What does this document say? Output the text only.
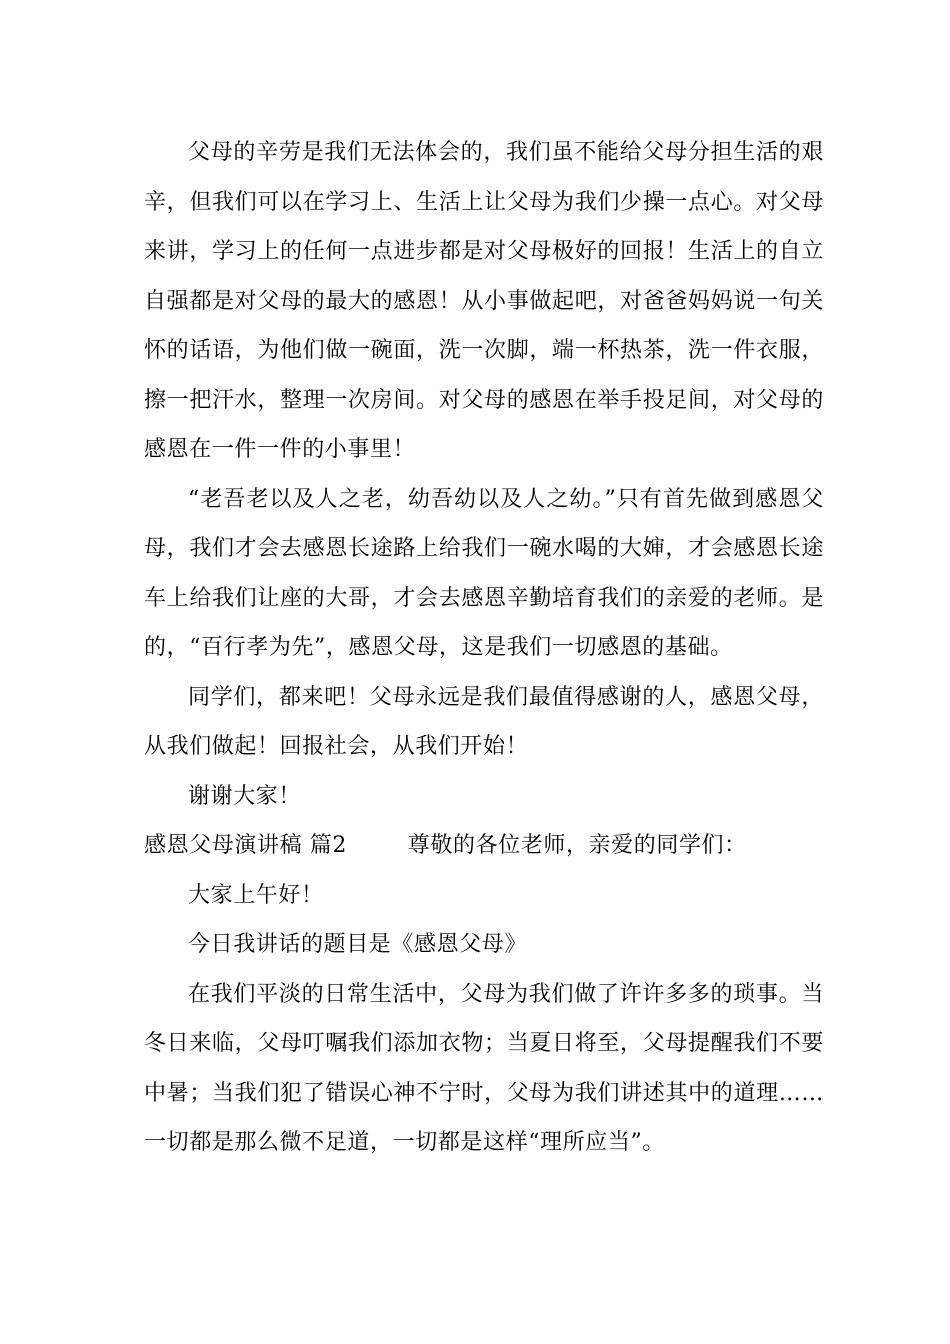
父母的辛劳是我们无法体会的，我们虽不能给父母分担生活的艰辛，但我们可以在学习上、生活上让父母为我们少操一点心。对父母来讲，学习上的任何一点进步都是对父母极好的回报！生活上的自立自强都是对父母的最大的感恩！从小事做起吧，对爸爸妈妈说一句关怀的话语，为他们做一碗面，洗一次脚，端一杯热茶，洗一件衣服，擦一把汗水，整理一次房间。对父母的感恩在举手投足间，对父母的感恩在一件一件的小事里！

“老吾老以及人之老，幼吾幼以及人之幼。”只有首先做到感恩父母，我们才会去感恩长途路上给我们一碗水喝的大婶，才会感恩长途车上给我们让座的大哥，才会去感恩辛勤培育我们的亲爱的老师。是的，“百行孝为先”，感恩父母，这是我们一切感恩的基础。

同学们，都来吧！父母永远是我们最值得感谢的人，感恩父母，从我们做起！回报社会，从我们开始！

谢谢大家！

感恩父母演讲稿 篇2	尊敬的各位老师，亲爱的同学们：

大家上午好！

今日我讲话的题目是《感恩父母》

在我们平淡的日常生活中，父母为我们做了许许多多的琐事。当冬日来临，父母叮嘱我们添加衣物；当夏日将至，父母提醒我们不要中暑；当我们犯了错误心神不宁时，父母为我们讲述其中的道理……一切都是那么微不足道，一切都是这样“理所应当”。
